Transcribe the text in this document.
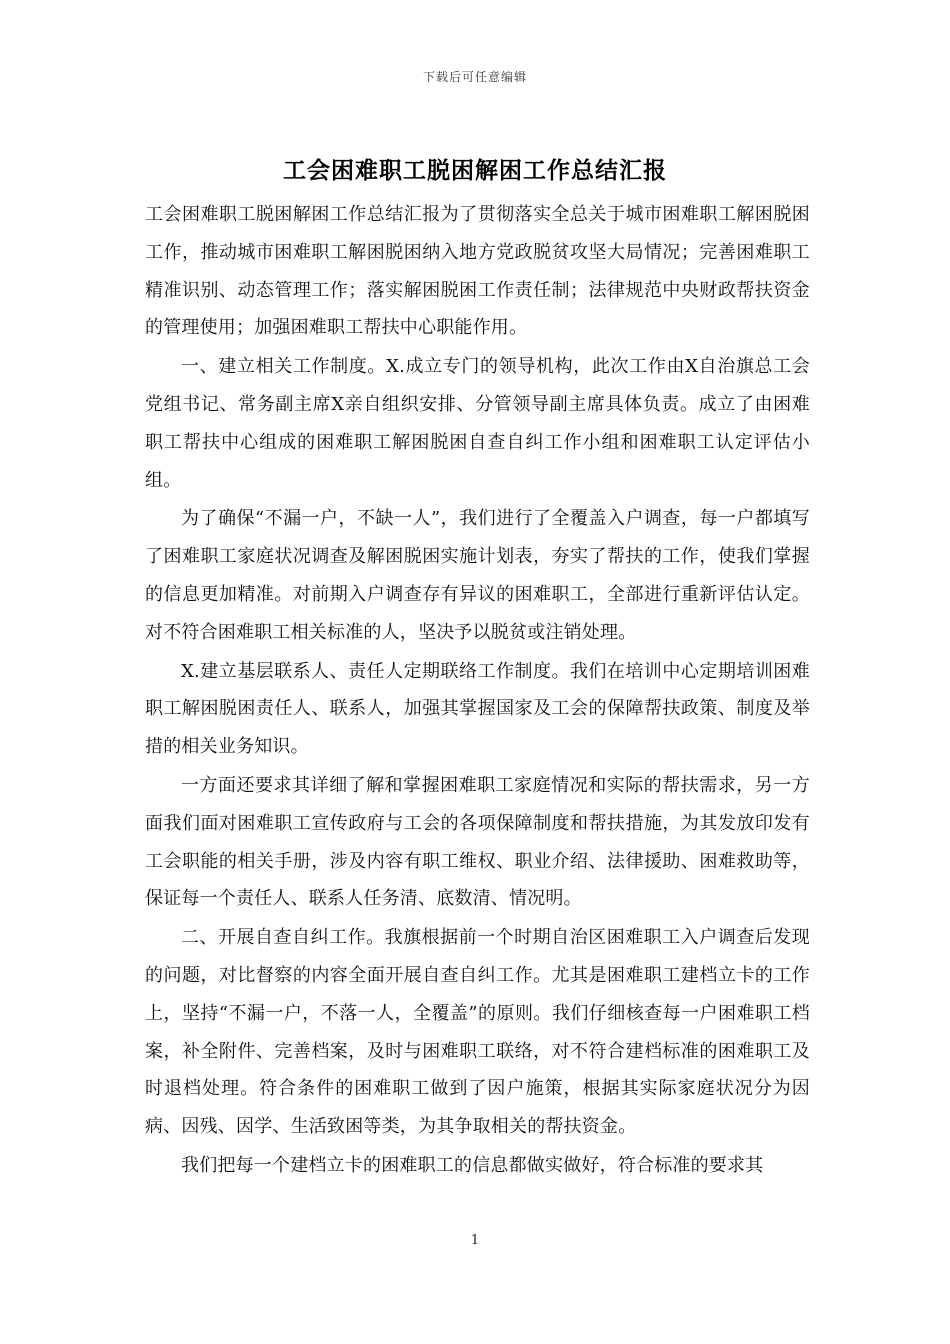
下载后可任意编辑
工会困难职工脱困解困工作总结汇报

工会困难职工脱困解困工作总结汇报为了贯彻落实全总关于城市困难职工解困脱困工作，推动城市困难职工解困脱困纳入地方党政脱贫攻坚大局情况；完善困难职工精准识别、动态管理工作；落实解困脱困工作责任制；法律规范中央财政帮扶资金的管理使用；加强困难职工帮扶中心职能作用。

一、建立相关工作制度。X.成立专门的领导机构，此次工作由X自治旗总工会党组书记、常务副主席X亲自组织安排、分管领导副主席具体负责。成立了由困难职工帮扶中心组成的困难职工解困脱困自查自纠工作小组和困难职工认定评估小组。

为了确保“不漏一户，不缺一人”，我们进行了全覆盖入户调查，每一户都填写了困难职工家庭状况调查及解困脱困实施计划表，夯实了帮扶的工作，使我们掌握的信息更加精准。对前期入户调查存有异议的困难职工，全部进行重新评估认定。对不符合困难职工相关标准的人，坚决予以脱贫或注销处理。

X.建立基层联系人、责任人定期联络工作制度。我们在培训中心定期培训困难职工解困脱困责任人、联系人，加强其掌握国家及工会的保障帮扶政策、制度及举措的相关业务知识。

一方面还要求其详细了解和掌握困难职工家庭情况和实际的帮扶需求，另一方面我们面对困难职工宣传政府与工会的各项保障制度和帮扶措施，为其发放印发有工会职能的相关手册，涉及内容有职工维权、职业介绍、法律援助、困难救助等，保证每一个责任人、联系人任务清、底数清、情况明。

二、开展自查自纠工作。我旗根据前一个时期自治区困难职工入户调查后发现的问题，对比督察的内容全面开展自查自纠工作。尤其是困难职工建档立卡的工作上，坚持“不漏一户，不落一人，全覆盖”的原则。我们仔细核查每一户困难职工档案，补全附件、完善档案，及时与困难职工联络，对不符合建档标准的困难职工及时退档处理。符合条件的困难职工做到了因户施策，根据其实际家庭状况分为因病、因残、因学、生活致困等类，为其争取相关的帮扶资金。

我们把每一个建档立卡的困难职工的信息都做实做好，符合标准的要求其

1
